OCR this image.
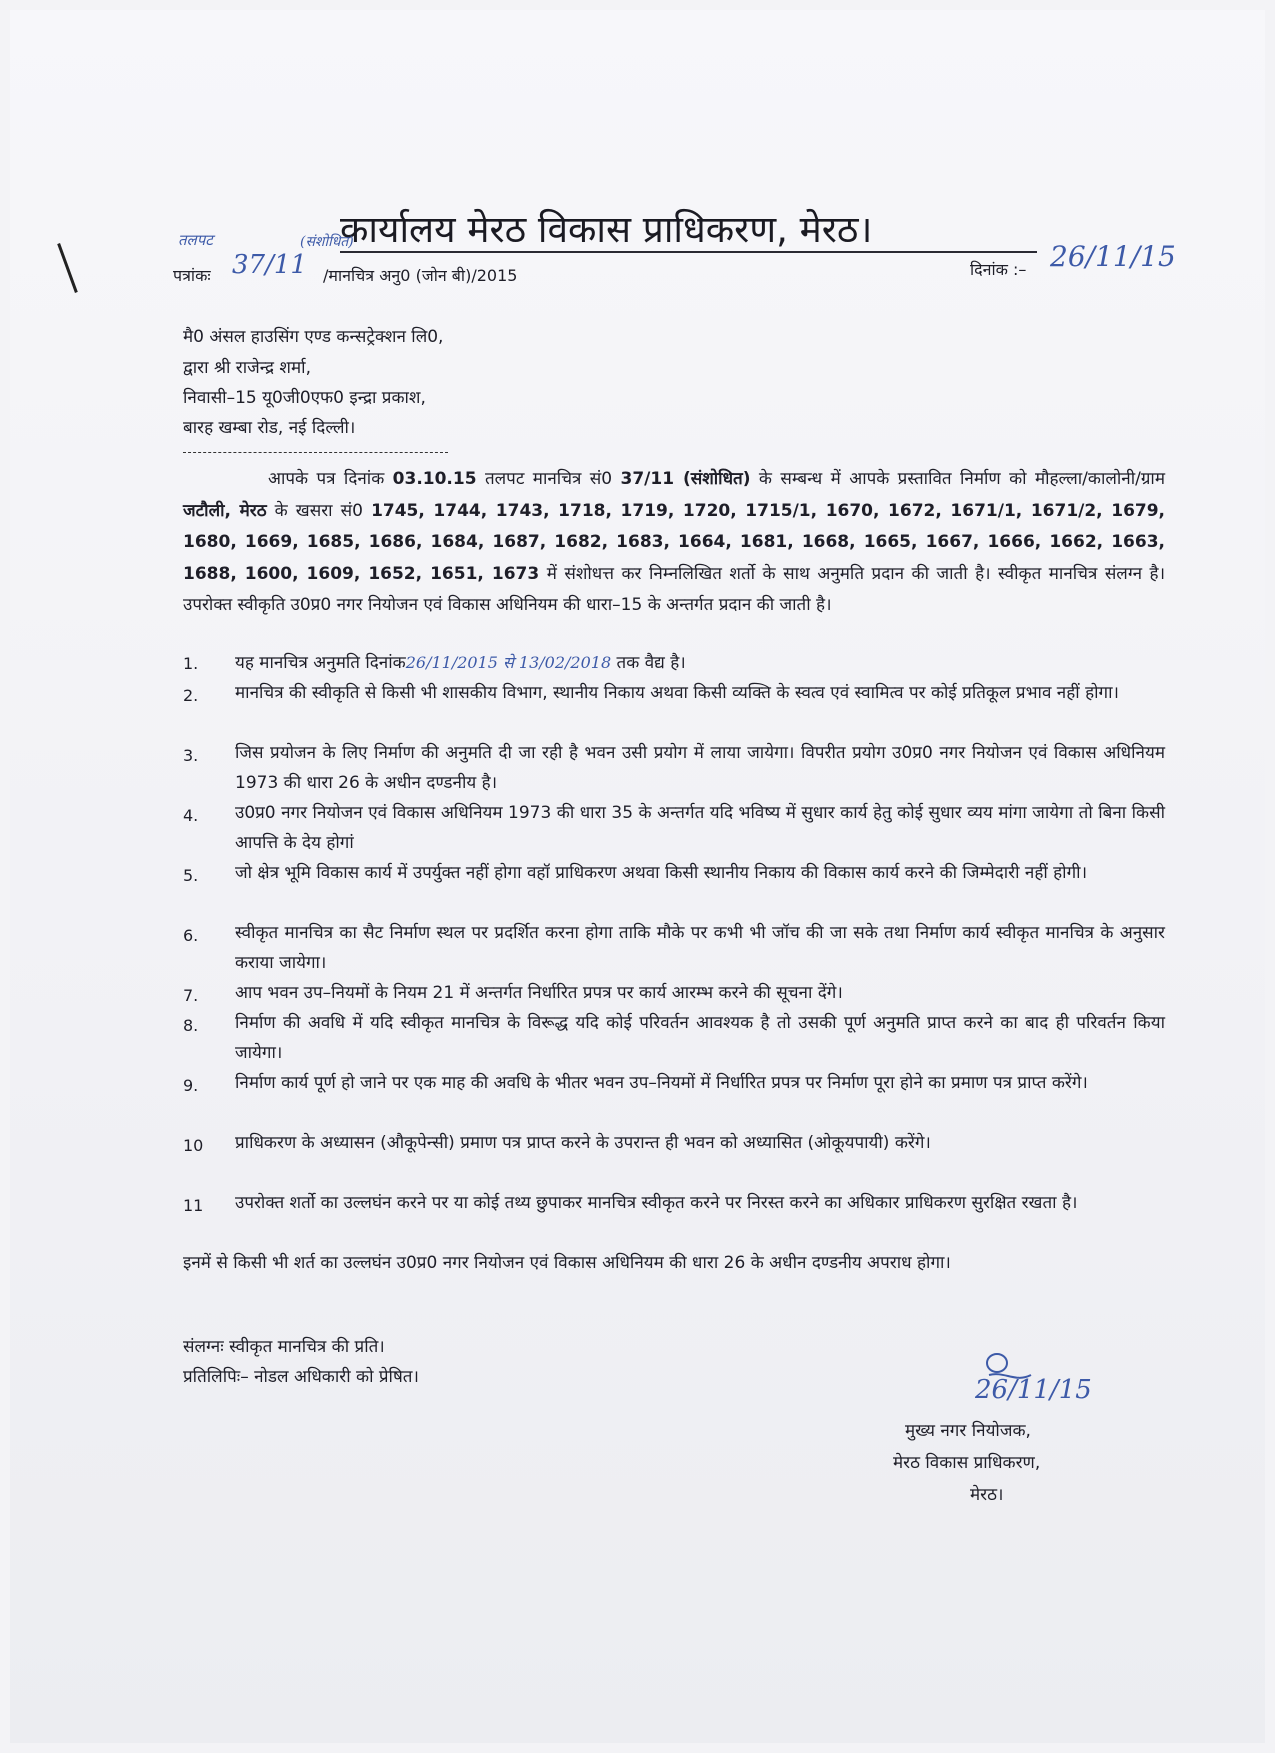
कार्यालय मेरठ विकास प्राधिकरण, मेरठ।
तलपट	(संशोधित)
पत्रांकः 37/11 /मानचित्र अनु0 (जोन बी)/2015	दिनांक :– 26/11/15
मै0 अंसल हाउसिंग एण्ड कन्सट्रेक्शन लि0,
द्वारा श्री राजेन्द्र शर्मा,
निवासी–15 यू0जी0एफ0 इन्द्रा प्रकाश,
बारह खम्बा रोड, नई दिल्ली।
आपके पत्र दिनांक 03.10.15 तलपट मानचित्र सं0 37/11 (संशोधित) के सम्बन्ध में आपके प्रस्तावित निर्माण को मौहल्ला/कालोनी/ग्राम जटौली, मेरठ के खसरा सं0 1745, 1744, 1743, 1718, 1719, 1720, 1715/1, 1670, 1672, 1671/1, 1671/2, 1679, 1680, 1669, 1685, 1686, 1684, 1687, 1682, 1683, 1664, 1681, 1668, 1665, 1667, 1666, 1662, 1663, 1688, 1600, 1609, 1652, 1651, 1673 में संशोधत्त कर निम्नलिखित शर्तो के साथ अनुमति प्रदान की जाती है। स्वीकृत मानचित्र संलग्न है। उपरोक्त स्वीकृति उ0प्र0 नगर नियोजन एवं विकास अधिनियम की धारा–15 के अन्तर्गत प्रदान की जाती है।
1. यह मानचित्र अनुमति दिनांक26/11/2015 से 13/02/2018 तक वैद्य है।
2. मानचित्र की स्वीकृति से किसी भी शासकीय विभाग, स्थानीय निकाय अथवा किसी व्यक्ति के स्वत्व एवं स्वामित्व पर कोई प्रतिकूल प्रभाव नहीं होगा।
3. जिस प्रयोजन के लिए निर्माण की अनुमति दी जा रही है भवन उसी प्रयोग में लाया जायेगा। विपरीत प्रयोग उ0प्र0 नगर नियोजन एवं विकास अधिनियम 1973 की धारा 26 के अधीन दण्डनीय है।
4. उ0प्र0 नगर नियोजन एवं विकास अधिनियम 1973 की धारा 35 के अन्तर्गत यदि भविष्य में सुधार कार्य हेतु कोई सुधार व्यय मांगा जायेगा तो बिना किसी आपत्ति के देय होगां
5. जो क्षेत्र भूमि विकास कार्य में उपर्युक्त नहीं होगा वहॉ प्राधिकरण अथवा किसी स्थानीय निकाय की विकास कार्य करने की जिम्मेदारी नहीं होगी।
6. स्वीकृत मानचित्र का सैट निर्माण स्थल पर प्रदर्शित करना होगा ताकि मौके पर कभी भी जॉच की जा सके तथा निर्माण कार्य स्वीकृत मानचित्र के अनुसार कराया जायेगा।
7. आप भवन उप–नियमों के नियम 21 में अन्तर्गत निर्धारित प्रपत्र पर कार्य आरम्भ करने की सूचना देंगे।
8. निर्माण की अवधि में यदि स्वीकृत मानचित्र के विरूद्ध यदि कोई परिवर्तन आवश्यक है तो उसकी पूर्ण अनुमति प्राप्त करने का बाद ही परिवर्तन किया जायेगा।
9. निर्माण कार्य पूर्ण हो जाने पर एक माह की अवधि के भीतर भवन उप–नियमों में निर्धारित प्रपत्र पर निर्माण पूरा होने का प्रमाण पत्र प्राप्त करेंगे।
10 प्राधिकरण के अध्यासन (औकूपेन्सी) प्रमाण पत्र प्राप्त करने के उपरान्त ही भवन को अध्यासित (ओकूयपायी) करेंगे।
11 उपरोक्त शर्तो का उल्लघंन करने पर या कोई तथ्य छुपाकर मानचित्र स्वीकृत करने पर निरस्त करने का अधिकार प्राधिकरण सुरक्षित रखता है।
इनमें से किसी भी शर्त का उल्लघंन उ0प्र0 नगर नियोजन एवं विकास अधिनियम की धारा 26 के अधीन दण्डनीय अपराध होगा।
संलग्नः स्वीकृत मानचित्र की प्रति।
प्रतिलिपिः– नोडल अधिकारी को प्रेषित।	26/11/15
मुख्य नगर नियोजक,
मेरठ विकास प्राधिकरण,
मेरठ।
